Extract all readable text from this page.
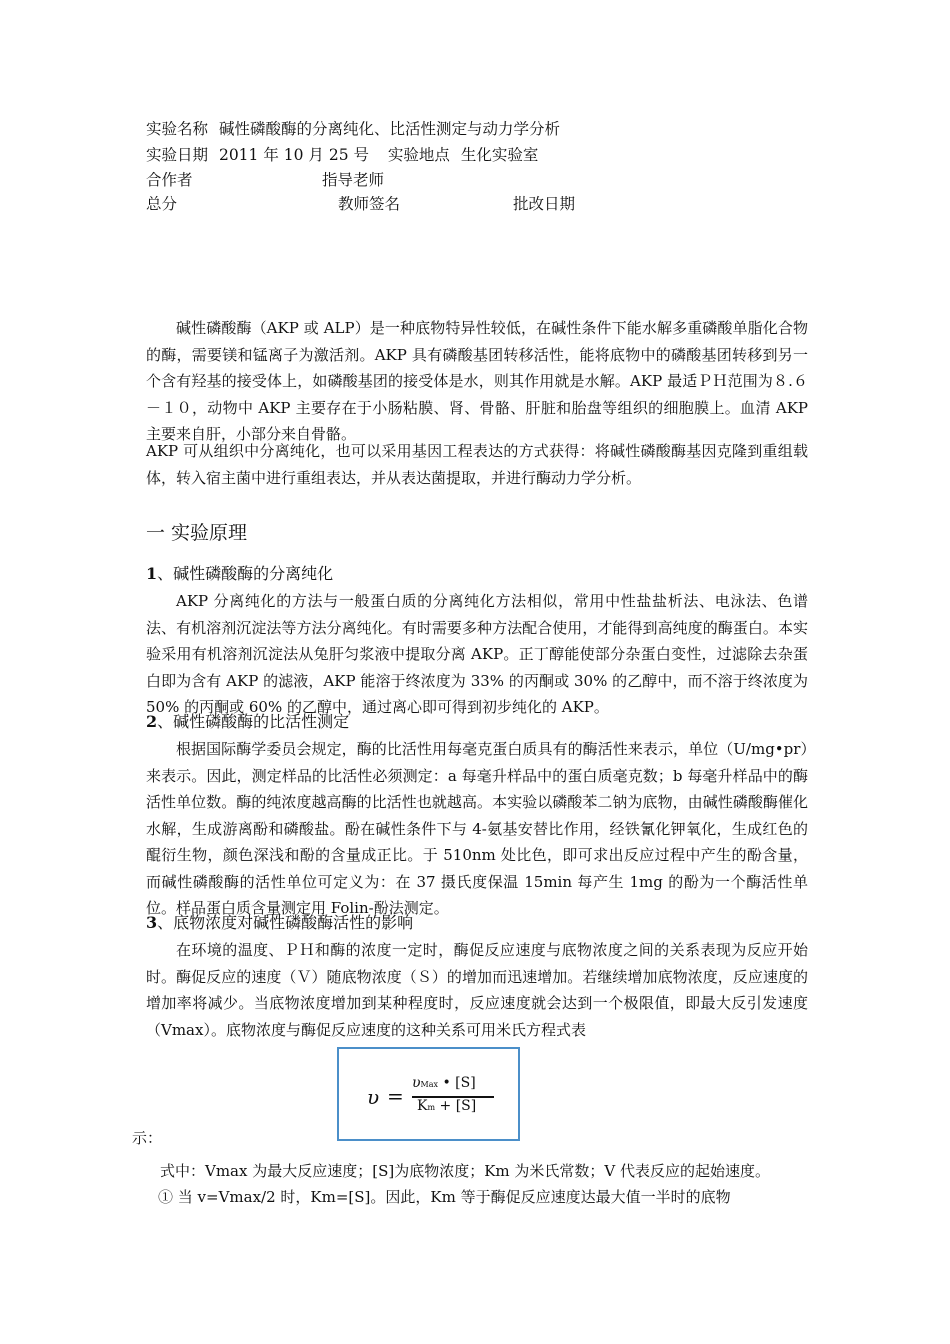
实验名称 碱性磷酸酶的分离纯化、比活性测定与动力学分析
实验日期 2011 年 10 月 25 号 实验地点 生化实验室
合作者	指导老师
总分	教师签名	批改日期
碱性磷酸酶（AKP 或 ALP）是一种底物特异性较低，在碱性条件下能水解多重磷酸单脂化合物的酶，需要镁和锰离子为激活剂。AKP 具有磷酸基团转移活性，能将底物中的磷酸基团转移到另一个含有羟基的接受体上，如磷酸基团的接受体是水，则其作用就是水解。AKP 最适ＰＨ范围为８.６－１０，动物中 AKP 主要存在于小肠粘膜、肾、骨骼、肝脏和胎盘等组织的细胞膜上。血清 AKP 主要来自肝，小部分来自骨骼。
AKP 可从组织中分离纯化，也可以采用基因工程表达的方式获得：将碱性磷酸酶基因克隆到重组载体，转入宿主菌中进行重组表达，并从表达菌提取，并进行酶动力学分析。
一 实验原理
1、碱性磷酸酶的分离纯化
AKP 分离纯化的方法与一般蛋白质的分离纯化方法相似，常用中性盐盐析法、电泳法、色谱法、有机溶剂沉淀法等方法分离纯化。有时需要多种方法配合使用，才能得到高纯度的酶蛋白。本实验采用有机溶剂沉淀法从兔肝匀浆液中提取分离 AKP。正丁醇能使部分杂蛋白变性，过滤除去杂蛋白即为含有 AKP 的滤液，AKP 能溶于终浓度为 33% 的丙酮或 30% 的乙醇中，而不溶于终浓度为 50% 的丙酮或 60% 的乙醇中，通过离心即可得到初步纯化的 AKP。
2、碱性磷酸酶的比活性测定
根据国际酶学委员会规定，酶的比活性用每毫克蛋白质具有的酶活性来表示，单位（U/mg•pr）来表示。因此，测定样品的比活性必须测定：a 每毫升样品中的蛋白质毫克数；b 每毫升样品中的酶活性单位数。酶的纯浓度越高酶的比活性也就越高。本实验以磷酸苯二钠为底物，由碱性磷酸酶催化水解，生成游离酚和磷酸盐。酚在碱性条件下与 4-氨基安替比作用，经铁氰化钾氧化，生成红色的醌衍生物，颜色深浅和酚的含量成正比。于 510nm 处比色，即可求出反应过程中产生的酚含量，而碱性磷酸酶的活性单位可定义为：在 37 摄氏度保温 15min 每产生 1mg 的酚为一个酶活性单位。样品蛋白质含量测定用 Folin-酚法测定。
3、底物浓度对碱性磷酸酶活性的影响
在环境的温度、ＰＨ和酶的浓度一定时，酶促反应速度与底物浓度之间的关系表现为反应开始时。酶促反应的速度（Ｖ）随底物浓度（Ｓ）的增加而迅速增加。若继续增加底物浓度，反应速度的增加率将减少。当底物浓度增加到某种程度时，反应速度就会达到一个极限值，即最大反引发速度（Vmax）。底物浓度与酶促反应速度的这种关系可用米氏方程式表
υ =
υMax • [S]
Km + [S]
示：
式中：Vmax 为最大反应速度；[S]为底物浓度；Km 为米氏常数；V 代表反应的起始速度。
① 当 v=Vmax/2 时，Km=[S]。因此，Km 等于酶促反应速度达最大值一半时的底物
